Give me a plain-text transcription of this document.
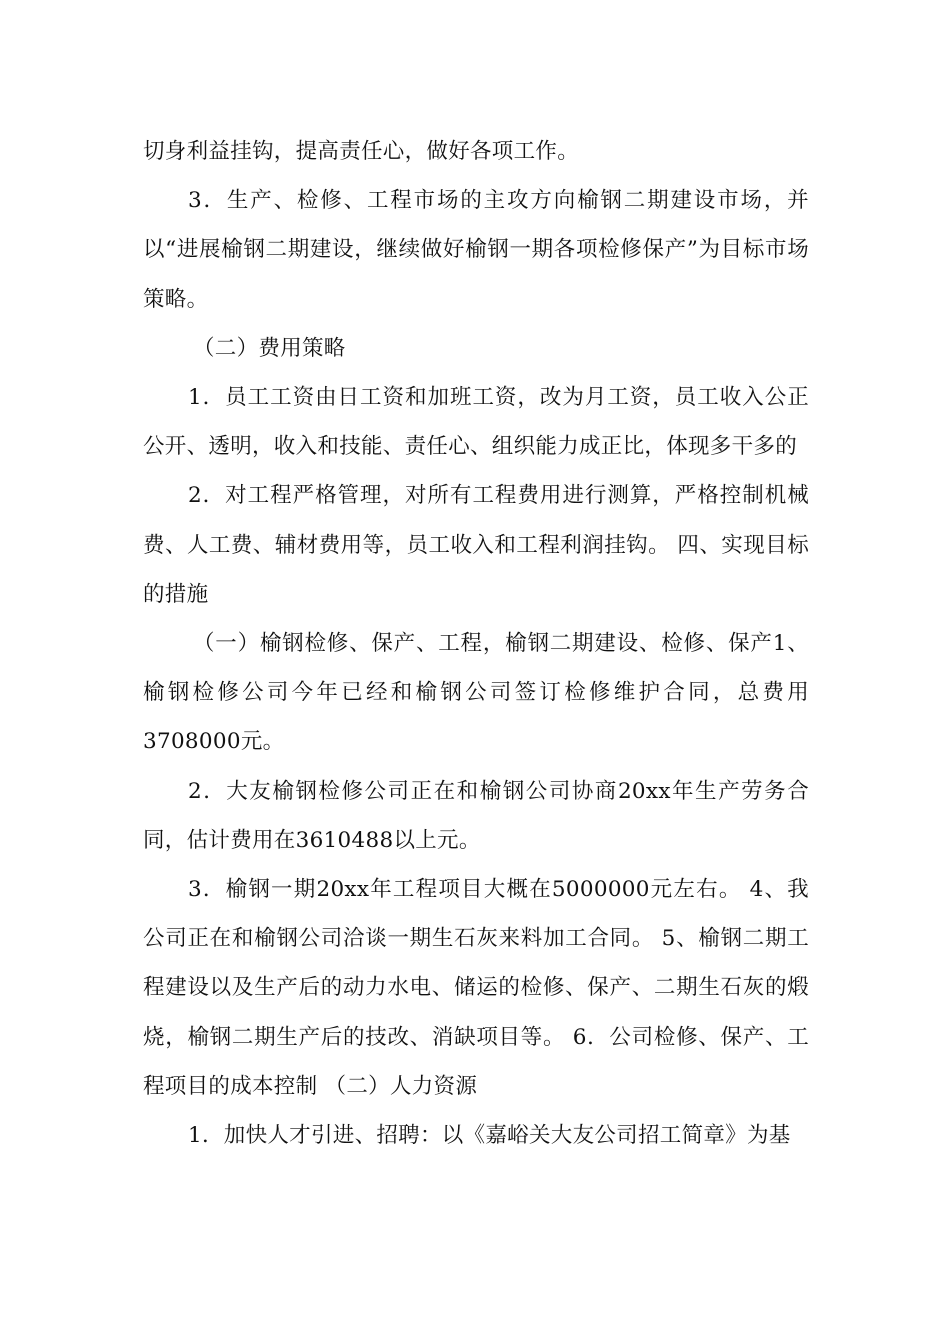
切身利益挂钩，提高责任心，做好各项工作。

3．生产、检修、工程市场的主攻方向榆钢二期建设市场，并以“进展榆钢二期建设，继续做好榆钢一期各项检修保产”为目标市场策略。

（二）费用策略

1．员工工资由日工资和加班工资，改为月工资，员工收入公正公开、透明，收入和技能、责任心、组织能力成正比，体现多干多的

2．对工程严格管理，对所有工程费用进行测算，严格控制机械费、人工费、辅材费用等，员工收入和工程利润挂钩。 四、实现目标的措施

（一）榆钢检修、保产、工程，榆钢二期建设、检修、保产1、榆钢检修公司今年已经和榆钢公司签订检修维护合同，总费用3708000元。

2．大友榆钢检修公司正在和榆钢公司协商20xx年生产劳务合同，估计费用在3610488以上元。

3．榆钢一期20xx年工程项目大概在5000000元左右。 4、我公司正在和榆钢公司洽谈一期生石灰来料加工合同。 5、榆钢二期工程建设以及生产后的动力水电、储运的检修、保产、二期生石灰的煅烧，榆钢二期生产后的技改、消缺项目等。 6．公司检修、保产、工程项目的成本控制 （二）人力资源

1．加快人才引进、招聘：以《嘉峪关大友公司招工简章》为基
